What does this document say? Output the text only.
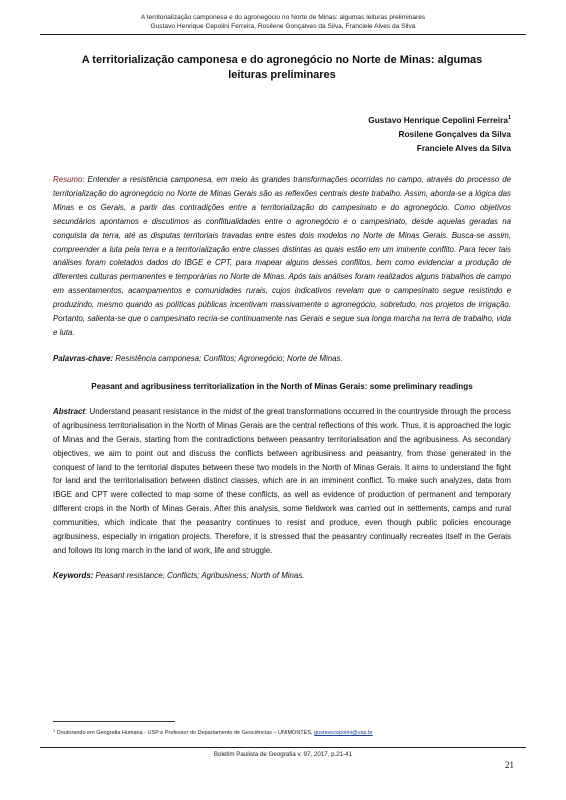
A territorialização camponesa e do agronegócio no Norte de Minas: algumas leituras preliminares
Gustavo Henrique Cepolini Ferreira, Rosilene Gonçalves da Silva, Franciele Alves da Silva
A territorialização camponesa e do agronegócio no Norte de Minas: algumas leituras preliminares
Gustavo Henrique Cepolini Ferreira$^1$
Rosilene Gonçalves da Silva
Franciele Alves da Silva
Resumo: Entender a resistência camponesa, em meio às grandes transformações ocorridas no campo, através do processo de territorialização do agronegócio no Norte de Minas Gerais são as reflexões centrais deste trabalho. Assim, aborda-se a lógica das Minas e os Gerais, a partir das contradições entre a territorialização do campesinato e do agronegócio. Como objetivos secundários apontamos e discutimos as conflitualidades entre o agronegócio e o campesinato, desde aquelas geradas na conquista da terra, até as disputas territoriais travadas entre estes dois modelos no Norte de Minas Gerais. Busca-se assim, compreender a luta pela terra e a territorialização entre classes distintas as quais estão em um iminente conflito. Para tecer tais análises foram coletados dados do IBGE e CPT, para mapear alguns desses conflitos, bem como evidenciar a produção de diferentes culturas permanentes e temporárias no Norte de Minas. Após tais análises foram realizados alguns trabalhos de campo em assentamentos, acampamentos e comunidades rurais, cujos indicativos revelam que o campesinato segue resistindo e produzindo, mesmo quando as políticas públicas incentivam massivamente o agronegócio, sobretudo, nos projetos de irrigação. Portanto, salienta-se que o campesinato recria-se continuamente nas Gerais e segue sua longa marcha na terra de trabalho, vida e luta.
Palavras-chave: Resistência camponesa; Conflitos; Agronegócio; Norte de Minas.
Peasant and agribusiness territorialization in the North of Minas Gerais: some preliminary readings
Abstract: Understand peasant resistance in the midst of the great transformations occurred in the countryside through the process of agribusiness territorialisation in the North of Minas Gerais are the central reflections of this work. Thus, it is approached the logic of Minas and the Gerais, starting from the contradictions between peasantry territorialisation and the agribusiness. As secondary objectives, we aim to point out and discuss the conflicts between agribusiness and peasantry, from those generated in the conquest of land to the territorial disputes between these two models in the North of Minas Gerais. It aims to understand the fight for land and the territorialisation between distinct classes, which are in an imminent conflict. To make such analyzes, data from IBGE and CPT were collected to map some of these conflicts, as well as evidence of production of permanent and temporary different crops in the North of Minas Gerais. After this analysis, some fieldwork was carried out in settlements, camps and rural communities, which indicate that the peasantry continues to resist and produce, even though public policies encourage agribusiness, especially in irrigation projects. Therefore, it is stressed that the peasantry continually recreates itself in the Gerais and follows its long march in the land of work, life and struggle.
Keywords: Peasant resistance; Conflicts; Agribusiness; North of Minas.
$^1$ Doutorando em Geografia Humana - USP e Professor do Departamento de Geociências – UNIMONTES, gustavocepolini@usp.br
Boletim Paulista de Geografia v. 97, 2017, p.21-41
21
